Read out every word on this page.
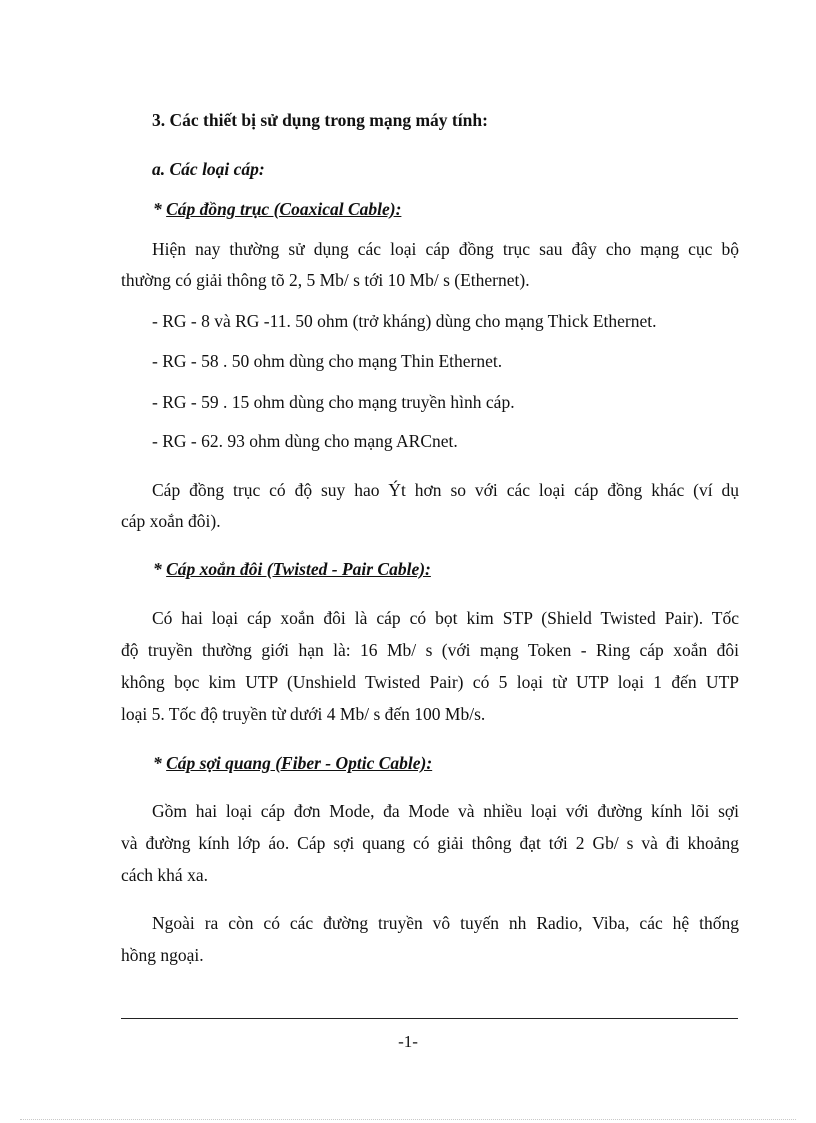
3. Các thiết bị sử dụng trong mạng máy tính:

a. Các loại cáp:

* Cáp đồng trục (Coaxical Cable):

Hiện nay thường sử dụng các loại cáp đồng trục sau đây cho mạng cục bộ

thường có giải thông tõ 2, 5 Mb/ s tới 10 Mb/ s (Ethernet).

- RG - 8 và RG -11. 50 ohm (trở kháng) dùng cho mạng Thick Ethernet.

- RG - 58 . 50 ohm dùng cho mạng Thin Ethernet.

- RG - 59 . 15 ohm dùng cho mạng truyền hình cáp.

- RG - 62. 93 ohm dùng cho mạng ARCnet.

Cáp đồng trục có độ suy hao Ýt hơn so với các loại cáp đồng khác (ví dụ

cáp xoắn đôi).

* Cáp xoắn đôi (Twisted - Pair Cable):

Có hai loại cáp xoắn đôi là cáp có bọt kim STP (Shield Twisted Pair). Tốc

độ truyền thường giới hạn là: 16 Mb/ s (với mạng Token - Ring cáp xoắn đôi

không bọc kim UTP (Unshield Twisted Pair) có 5 loại từ UTP loại 1 đến UTP

loại 5. Tốc độ truyền từ dưới 4 Mb/ s đến 100 Mb/s.

* Cáp sợi quang (Fiber - Optic Cable):

Gồm hai loại cáp đơn Mode, đa Mode và nhiều loại với đường kính lõi sợi

và đường kính lớp áo. Cáp sợi quang có giải thông đạt tới 2 Gb/ s và đi khoảng

cách khá xa.

Ngoài ra còn có các đường truyền vô tuyến nh Radio, Viba, các hệ thống

hồng ngoại.

-1-
